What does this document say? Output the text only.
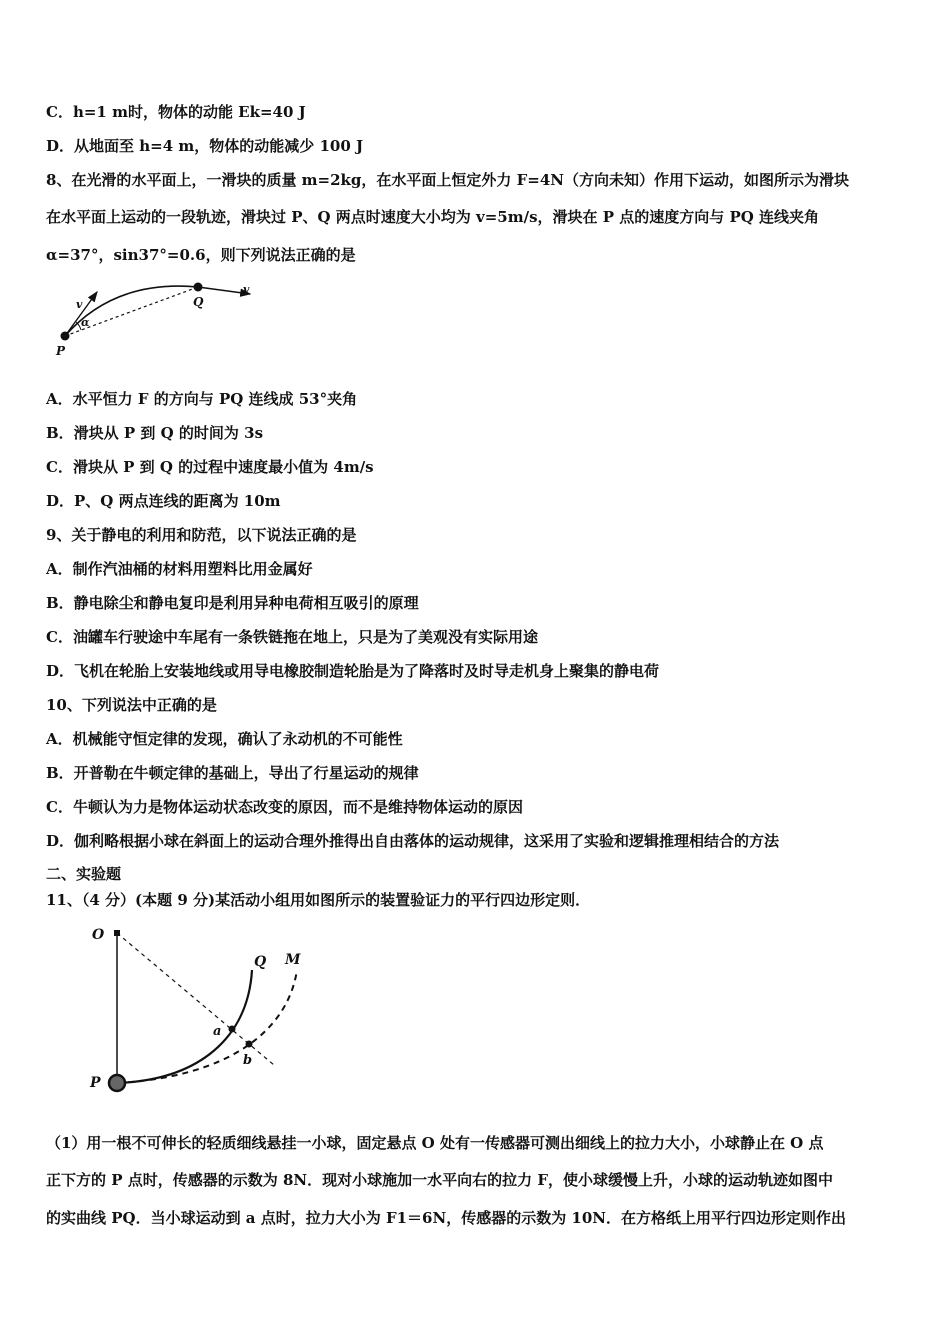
C．h=1 m时，物体的动能 Ek=40 J
D．从地面至 h=4 m，物体的动能减少 100 J
8、在光滑的水平面上，一滑块的质量 m=2kg，在水平面上恒定外力 F=4N（方向未知）作用下运动，如图所示为滑块
在水平面上运动的一段轨迹，滑块过 P、Q 两点时速度大小均为 v=5m/s，滑块在 P 点的速度方向与 PQ 连线夹角
α=37°，sin37°=0.6，则下列说法正确的是
v
α
P
Q
v
A．水平恒力 F 的方向与 PQ 连线成 53°夹角
B．滑块从 P 到 Q 的时间为 3s
C．滑块从 P 到 Q 的过程中速度最小值为 4m/s
D．P、Q 两点连线的距离为 10m
9、关于静电的利用和防范，以下说法正确的是
A．制作汽油桶的材料用塑料比用金属好
B．静电除尘和静电复印是利用异种电荷相互吸引的原理
C．油罐车行驶途中车尾有一条铁链拖在地上，只是为了美观没有实际用途
D．飞机在轮胎上安装地线或用导电橡胶制造轮胎是为了降落时及时导走机身上聚集的静电荷
10、下列说法中正确的是
A．机械能守恒定律的发现，确认了永动机的不可能性
B．开普勒在牛顿定律的基础上，导出了行星运动的规律
C．牛顿认为力是物体运动状态改变的原因，而不是维持物体运动的原因
D．伽利略根据小球在斜面上的运动合理外推得出自由落体的运动规律，这采用了实验和逻辑推理相结合的方法
二、实验题
11、（4 分）(本题 9 分)某活动小组用如图所示的装置验证力的平行四边形定则．
O
Q M
a
b
P
（1）用一根不可伸长的轻质细线悬挂一小球，固定悬点 O 处有一传感器可测出细线上的拉力大小，小球静止在 O 点
正下方的 P 点时，传感器的示数为 8N．现对小球施加一水平向右的拉力 F，使小球缓慢上升，小球的运动轨迹如图中
的实曲线 PQ．当小球运动到 a 点时，拉力大小为 F1＝6N，传感器的示数为 10N．在方格纸上用平行四边形定则作出
